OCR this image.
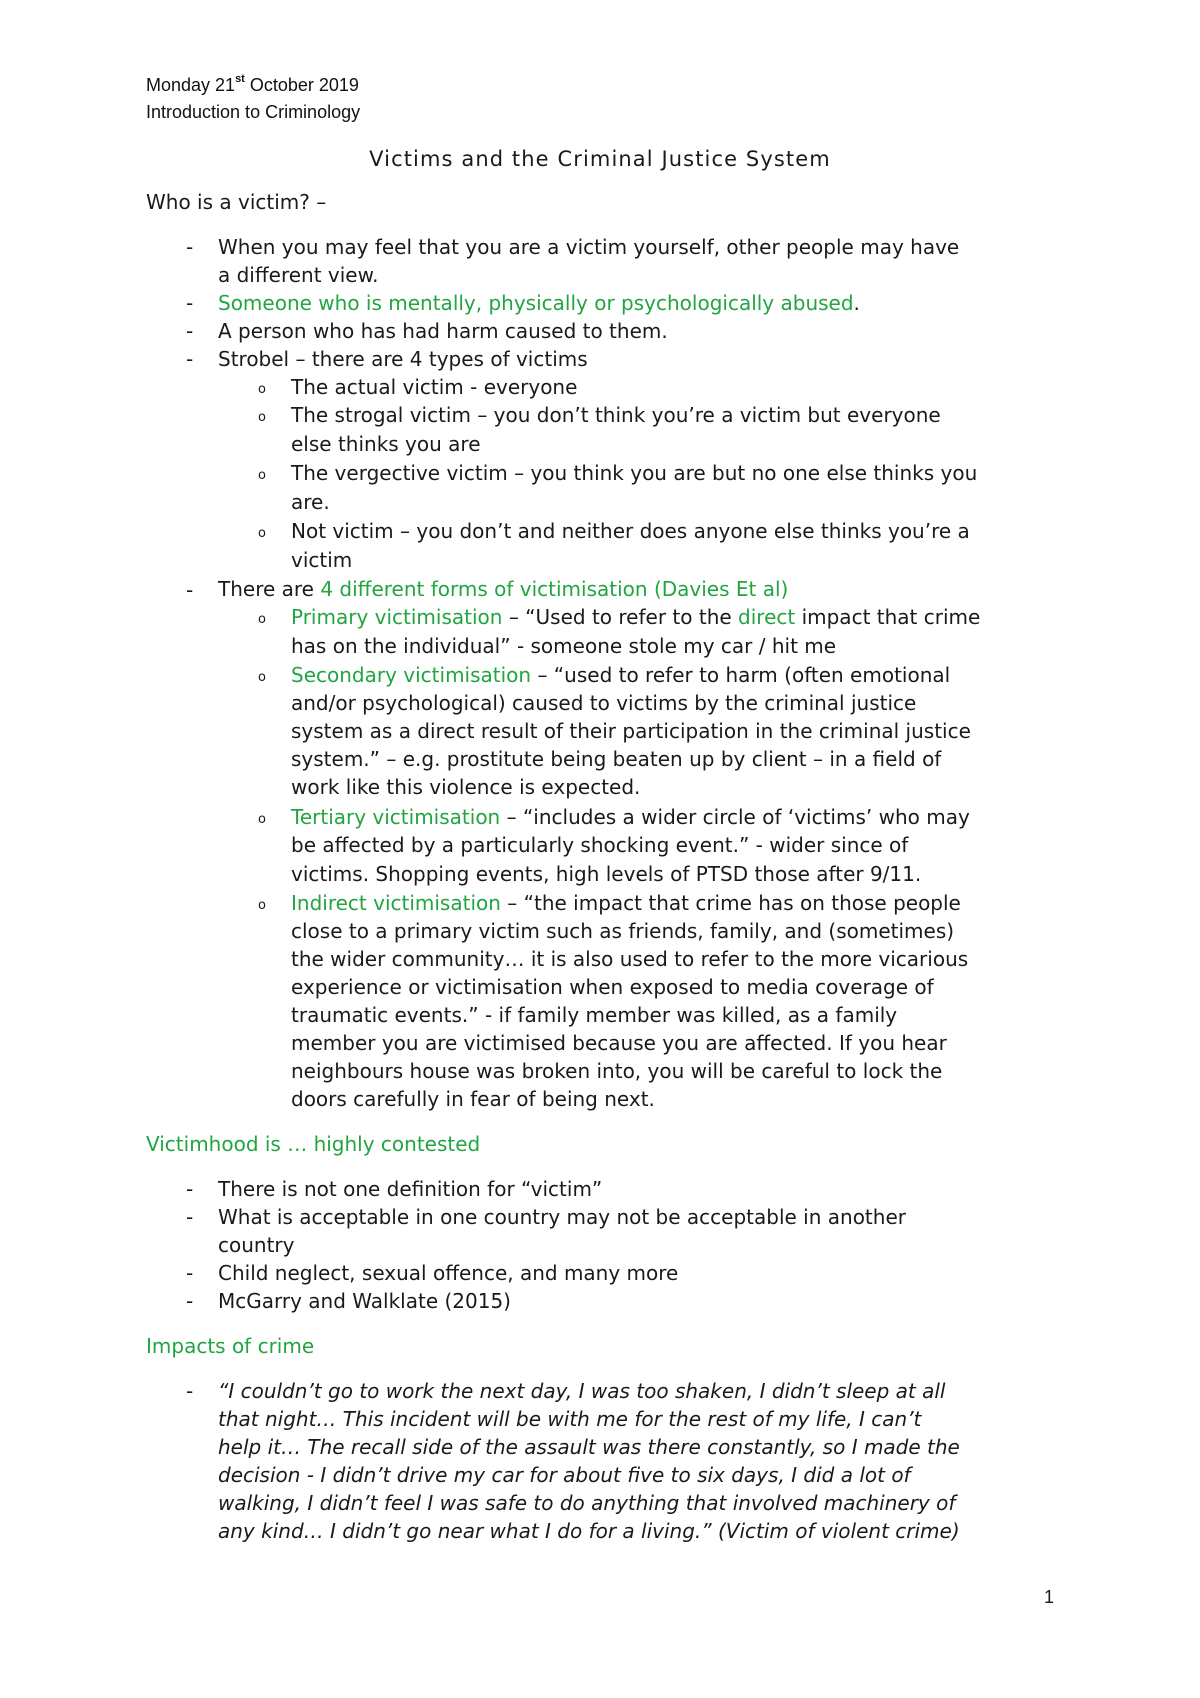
Monday 21st October 2019
Introduction to Criminology
Victims and the Criminal Justice System
Who is a victim? –
-
-
-
-
o
o
o
o
-
o
o
o
o
When you may feel that you are a victim yourself, other people may have
a different view.
Someone who is mentally, physically or psychologically abused.
A person who has had harm caused to them.
Strobel – there are 4 types of victims
The actual victim - everyone
The strogal victim – you don’t think you’re a victim but everyone
else thinks you are
The vergective victim – you think you are but no one else thinks you
are.
Not victim – you don’t and neither does anyone else thinks you’re a
victim
There are 4 different forms of victimisation (Davies Et al)
Primary victimisation – “Used to refer to the direct impact that crime
has on the individual” - someone stole my car / hit me
Secondary victimisation – “used to refer to harm (often emotional
and/or psychological) caused to victims by the criminal justice
system as a direct result of their participation in the criminal justice
system.” – e.g. prostitute being beaten up by client – in a field of
work like this violence is expected.
Tertiary victimisation – “includes a wider circle of ‘victims’ who may
be affected by a particularly shocking event.” - wider since of
victims. Shopping events, high levels of PTSD those after 9/11.
Indirect victimisation – “the impact that crime has on those people
close to a primary victim such as friends, family, and (sometimes)
the wider community… it is also used to refer to the more vicarious
experience or victimisation when exposed to media coverage of
traumatic events.” - if family member was killed, as a family
member you are victimised because you are affected. If you hear
neighbours house was broken into, you will be careful to lock the
doors carefully in fear of being next.
Victimhood is … highly contested
-
-
-
-
There is not one definition for “victim”
What is acceptable in one country may not be acceptable in another
country
Child neglect, sexual offence, and many more
McGarry and Walklate (2015)
Impacts of crime
- “I couldn’t go to work the next day, I was too shaken, I didn’t sleep at all
that night… This incident will be with me for the rest of my life, I can’t
help it… The recall side of the assault was there constantly, so I made the
decision - I didn’t drive my car for about five to six days, I did a lot of
walking, I didn’t feel I was safe to do anything that involved machinery of
any kind… I didn’t go near what I do for a living.” (Victim of violent crime)
1
